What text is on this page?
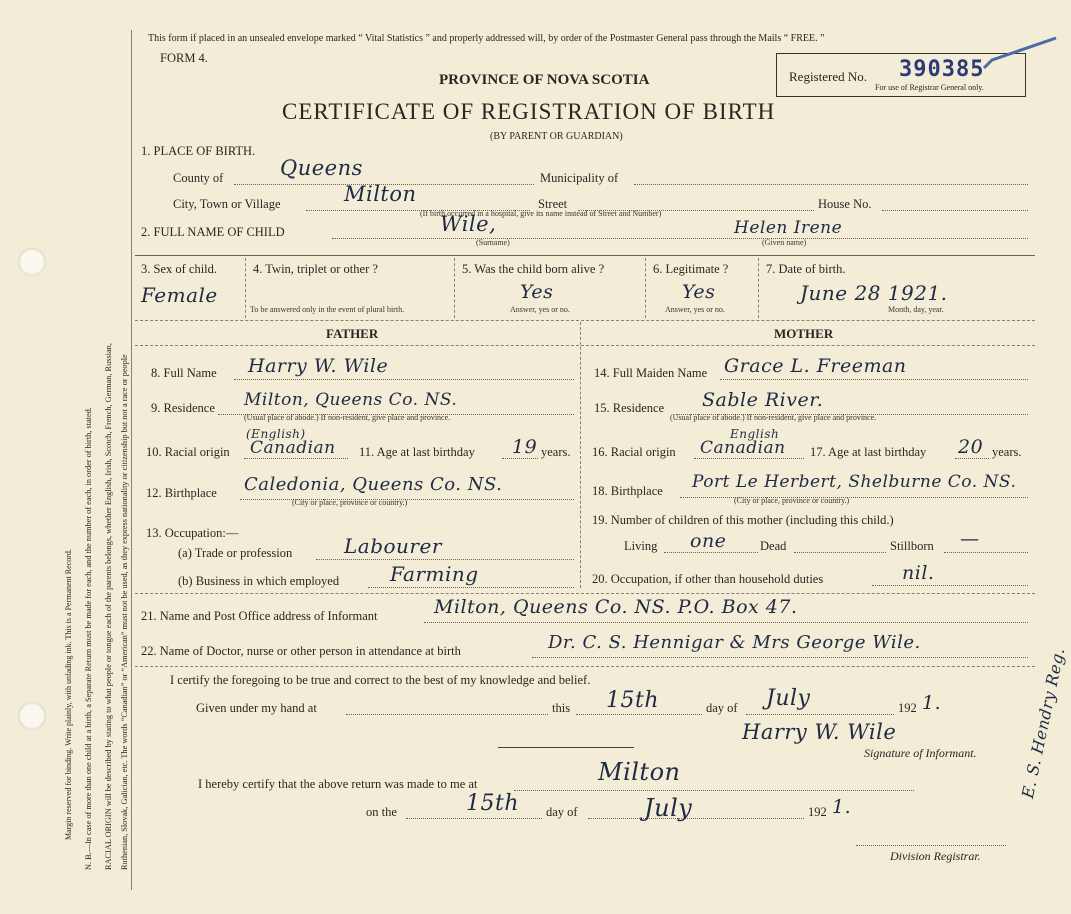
Margin reserved for binding. Write plainly, with unfading ink. This is a Permanent Record. N. B.—In case of more than one child at a birth, a Separate Return must be made for each, and the number of each, in order of birth, stated. RACIAL ORIGIN will be described by stating to what people or tongue each of the parents belongs, whether English, Irish, Scotch, French, German, Russian, Ruthenian, Slovak, Galician, etc. The words “Canadian” or “American” must not be used, as they express nationality or citizenship but not a race or people
This form if placed in an unsealed envelope marked “ Vital Statistics ” and properly addressed will, by order of the Postmaster General pass through the Mails “ FREE. ”
FORM 4.
PROVINCE OF NOVA SCOTIA
CERTIFICATE OF REGISTRATION OF BIRTH
(BY PARENT OR GUARDIAN)
Registered No. 390385
For use of Registrar General only.
1. PLACE OF BIRTH.
County of	Queens	Municipality of
City, Town or Village	Milton	Street	House No.
(If birth occurred in a hospital, give its name instead of Street and Number)
2. FULL NAME OF CHILD	Wile,
(Surname)
Helen Irene
(Given name)
3. Sex of child.
Female
4. Twin, triplet or other ?
To be answered only in the event of plural birth.
5. Was the child born alive ?
Yes
Answer, yes or no.
6. Legitimate ?
Yes
Answer, yes or no.
7. Date of birth.
June 28 1921.
Month, day, year.
FATHER	MOTHER
8. Full Name Harry W. Wile
9. Residence Milton, Queens Co. NS.
(Usual place of abode.) If non-resident, give place and province.
10. Racial origin
(English)
Canadian 11. Age at last birthday 19 years.
12. Birthplace Caledonia, Queens Co. NS.
(City or place, province or country.)
13. Occupation:—
(a) Trade or profession	Labourer
(b) Business in which employed	Farming
14. Full Maiden Name Grace L. Freeman
15. Residence Sable River.
(Usual place of abode.) If non-resident, give place and province.
16. Racial origin
English
Canadian 17. Age at last birthday 20 years.
18. Birthplace Port Le Herbert, Shelburne Co. NS.
(City or place, province or country.)
19. Number of children of this mother (including this child.)
Living one	Dead	Stillborn —
20. Occupation, if other than household duties	nil.
21. Name and Post Office address of Informant	Milton, Queens Co. NS. P.O. Box 47.
22. Name of Doctor, nurse or other person in attendance at birth	Dr. C. S. Hennigar & Mrs George Wile.
I certify the foregoing to be true and correct to the best of my knowledge and belief.
Given under my hand at	this 15th	day of July	192 1.
Harry W. Wile
Signature of Informant.
I hereby certify that the above return was made to me at	Milton
on the	15th day of	July	192 1.
Division Registrar.
E. S. Hendry Reg.
